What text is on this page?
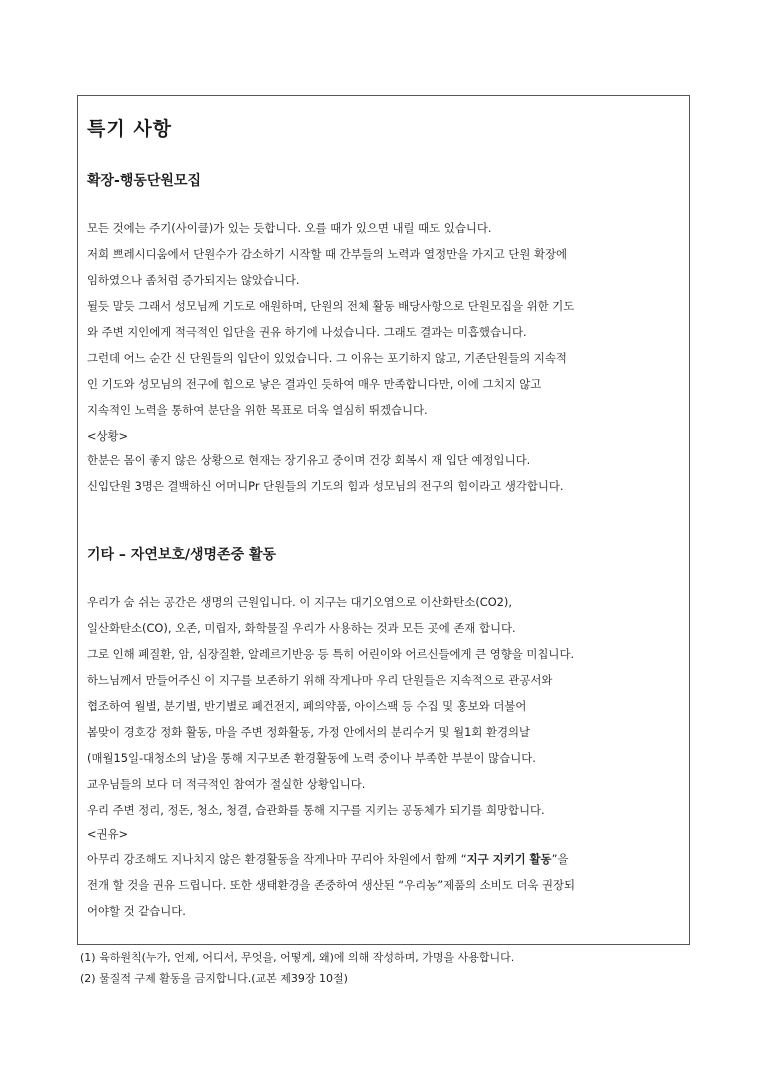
특기 사항
확장-행동단원모집
모든 것에는 주기(사이클)가 있는 듯합니다. 오를 때가 있으면 내릴 때도 있습니다.
저희 쁘레시디움에서 단원수가 감소하기 시작할 때 간부들의 노력과 열정만을 가지고 단원 확장에
임하였으나 좀처럼 증가되지는 않았습니다.
뒬듯 말듯 그래서 성모님께 기도로 애원하며, 단원의 전체 활동 배당사항으로 단원모집을 위한 기도
와 주변 지인에게 적극적인 입단을 권유 하기에 나섰습니다. 그래도 결과는 미흡했습니다.
그런데 어느 순간 신 단원들의 입단이 있었습니다. 그 이유는 포기하지 않고, 기존단원들의 지속적
인 기도와 성모님의 전구에 힘으로 낳은 결과인 듯하여 매우 만족합니다만, 이에 그치지 않고
지속적인 노력을 통하여 분단을 위한 목표로 더욱 열심히 뛰겠습니다.
<상황>
한분은 몸이 좋지 않은 상황으로 현재는 장기유고 중이며 건강 회복시 재 입단 예정입니다.
신입단원 3명은 결백하신 어머니Pr 단원들의 기도의 힘과 성모님의 전구의 힘이라고 생각합니다.
기타 – 자연보호/생명존중 활동
우리가 숨 쉬는 공간은 생명의 근원입니다. 이 지구는 대기오염으로 이산화탄소(CO2),
일산화탄소(CO), 오존, 미립자, 화학물질 우리가 사용하는 것과 모든 곳에 존재 합니다.
그로 인해 폐질환, 암, 심장질환, 알레르기반응 등 특히 어린이와 어르신들에게 큰 영향을 미칩니다.
하느님께서 만들어주신 이 지구를 보존하기 위해 작게나마 우리 단원들은 지속적으로 관공서와
협조하여 월별, 분기별, 반기별로 폐건전지, 폐의약품, 아이스팩 등 수집 및 홍보와 더불어
봄맞이 경호강 정화 활동, 마을 주변 정화활동, 가정 안에서의 분리수거 및 월1회 환경의날
(매월15일-대청소의 날)을 통해 지구보존 환경활동에 노력 중이나 부족한 부분이 많습니다.
교우님들의 보다 더 적극적인 참여가 절실한 상황입니다.
우리 주변 정리, 정돈, 청소, 청결, 습관화를 통해 지구를 지키는 공동체가 되기를 희망합니다.
<권유>
아무리 강조해도 지나치지 않은 환경활동을 작게나마 꾸리아 차원에서 함께 “지구 지키기 활동”을
전개 할 것을 권유 드립니다. 또한 생태환경을 존중하여 생산된 “우리농”제품의 소비도 더욱 권장되
어야할 것 같습니다.
(1) 육하원칙(누가, 언제, 어디서, 무엇을, 어떻게, 왜)에 의해 작성하며, 가명을 사용합니다.
(2) 물질적 구제 활동을 금지합니다.(교본 제39장 10절)
